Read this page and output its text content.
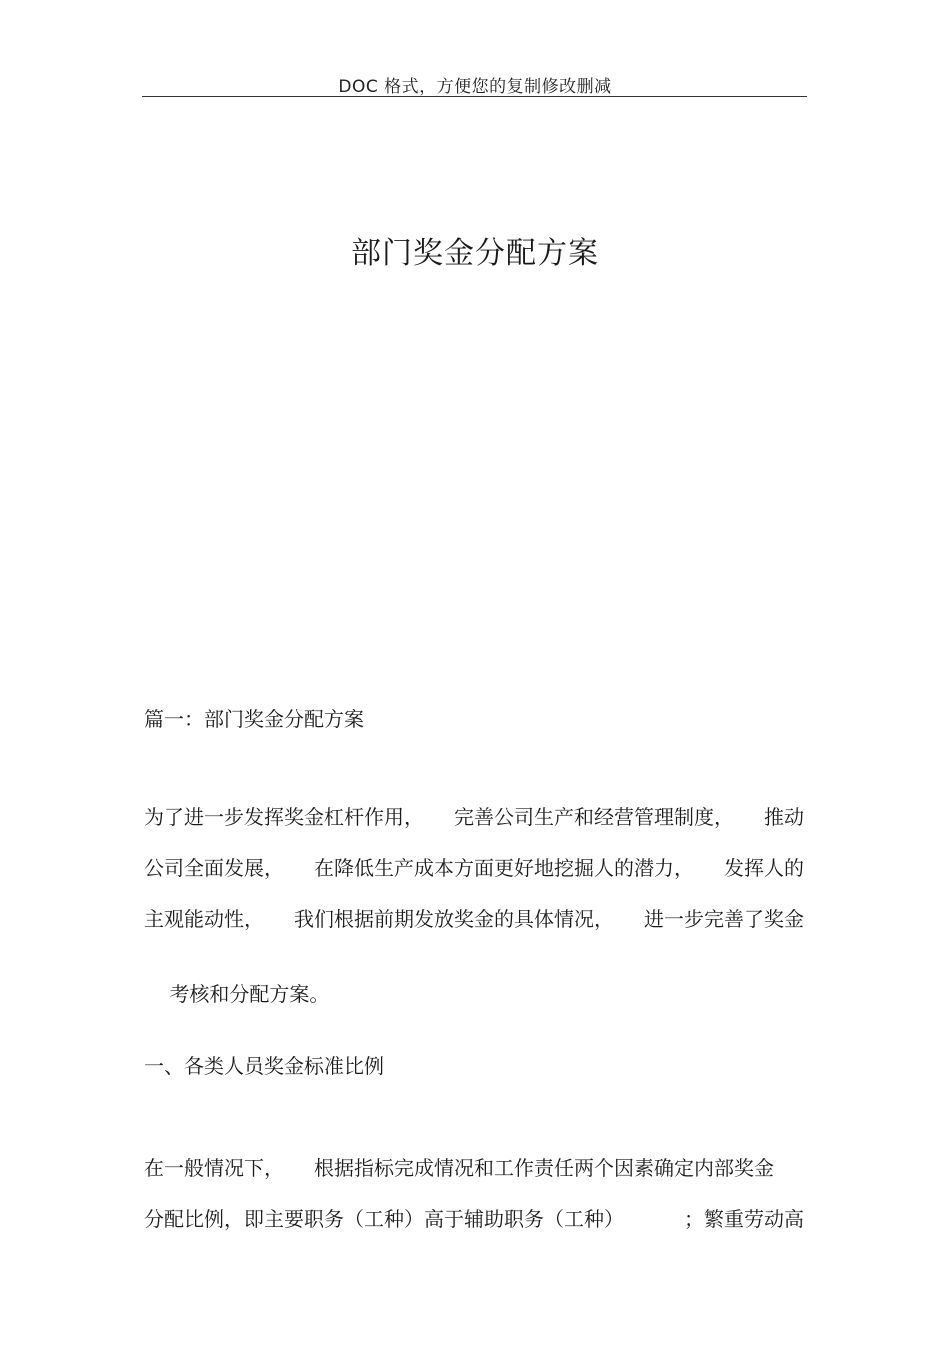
DOC 格式，方便您的复制修改删减
部门奖金分配方案
篇一：部门奖金分配方案
为了进一步发挥奖金杠杆作用， 完善公司生产和经营管理制度， 推动
公司全面发展， 在降低生产成本方面更好地挖掘人的潜力， 发挥人的
主观能动性， 我们根据前期发放奖金的具体情况， 进一步完善了奖金

考核和分配方案。

一、各类人员奖金标准比例
在一般情况下， 根据指标完成情况和工作责任两个因素确定内部奖金
分配比例，即主要职务（工种）高于辅助职务（工种）	；繁重劳动高
